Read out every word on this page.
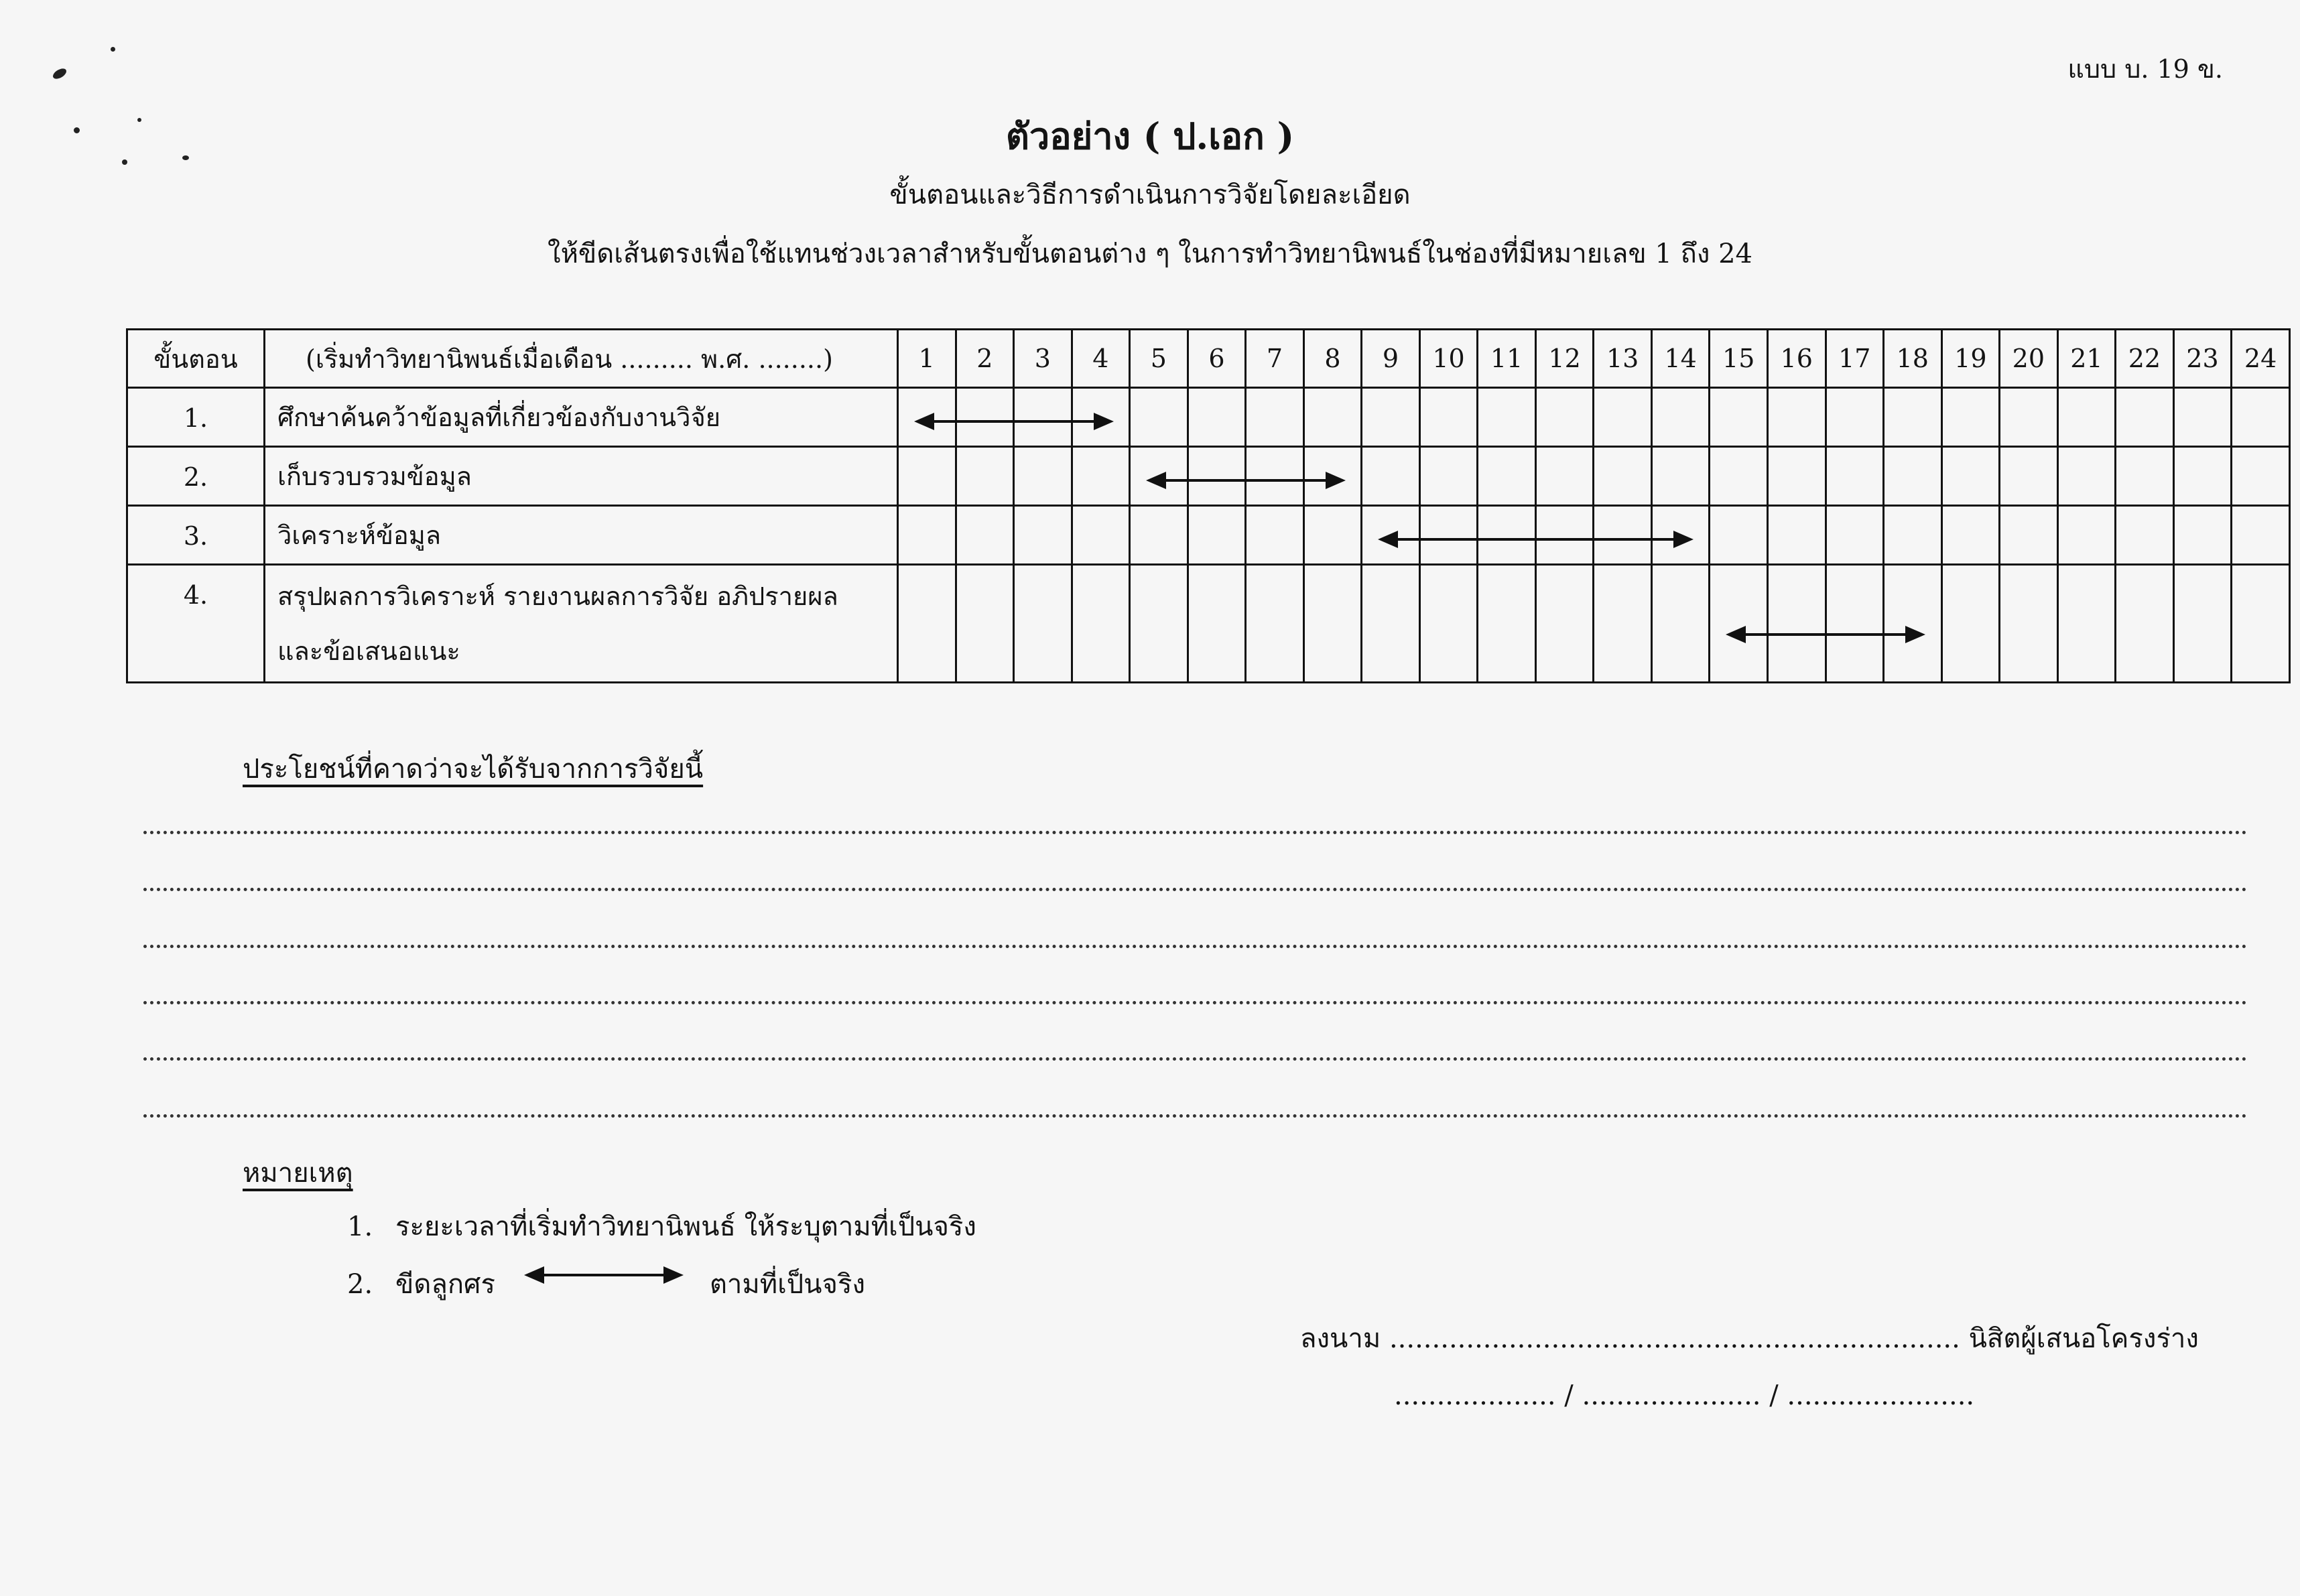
แบบ บ. 19 ข.
ตัวอย่าง ( ป.เอก )
ขั้นตอนและวิธีการดำเนินการวิจัยโดยละเอียด
ให้ขีดเส้นตรงเพื่อใช้แทนช่วงเวลาสำหรับขั้นตอนต่าง ๆ ในการทำวิทยานิพนธ์ในช่องที่มีหมายเลข 1 ถึง 24
ขั้นตอน	(เริ่มทำวิทยานิพนธ์เมื่อเดือน ......... พ.ศ. ........)	1	2	3	4	5	6	7	8	9	10	11	12	13	14	15	16	17	18	19	20	21	22	23	24
1.	ศึกษาค้นคว้าข้อมูลที่เกี่ยวข้องกับงานวิจัย																								

2.	เก็บรวบรวมข้อมูล																								

3.	วิเคราะห์ข้อมูล																								

4.	สรุปผลการวิเคราะห์ รายงานผลการวิจัย อภิปรายผล
และข้อเสนอแนะ																								

ประโยชน์ที่คาดว่าจะได้รับจากการวิจัยนี้
หมายเหตุ
1. ระยะเวลาที่เริ่มทำวิทยานิพนธ์ ให้ระบุตามที่เป็นจริง
2. ขีดลูกศร	ตามที่เป็นจริง
ลงนาม ................................................................... นิสิตผู้เสนอโครงร่าง
................... / ..................... / ......................
